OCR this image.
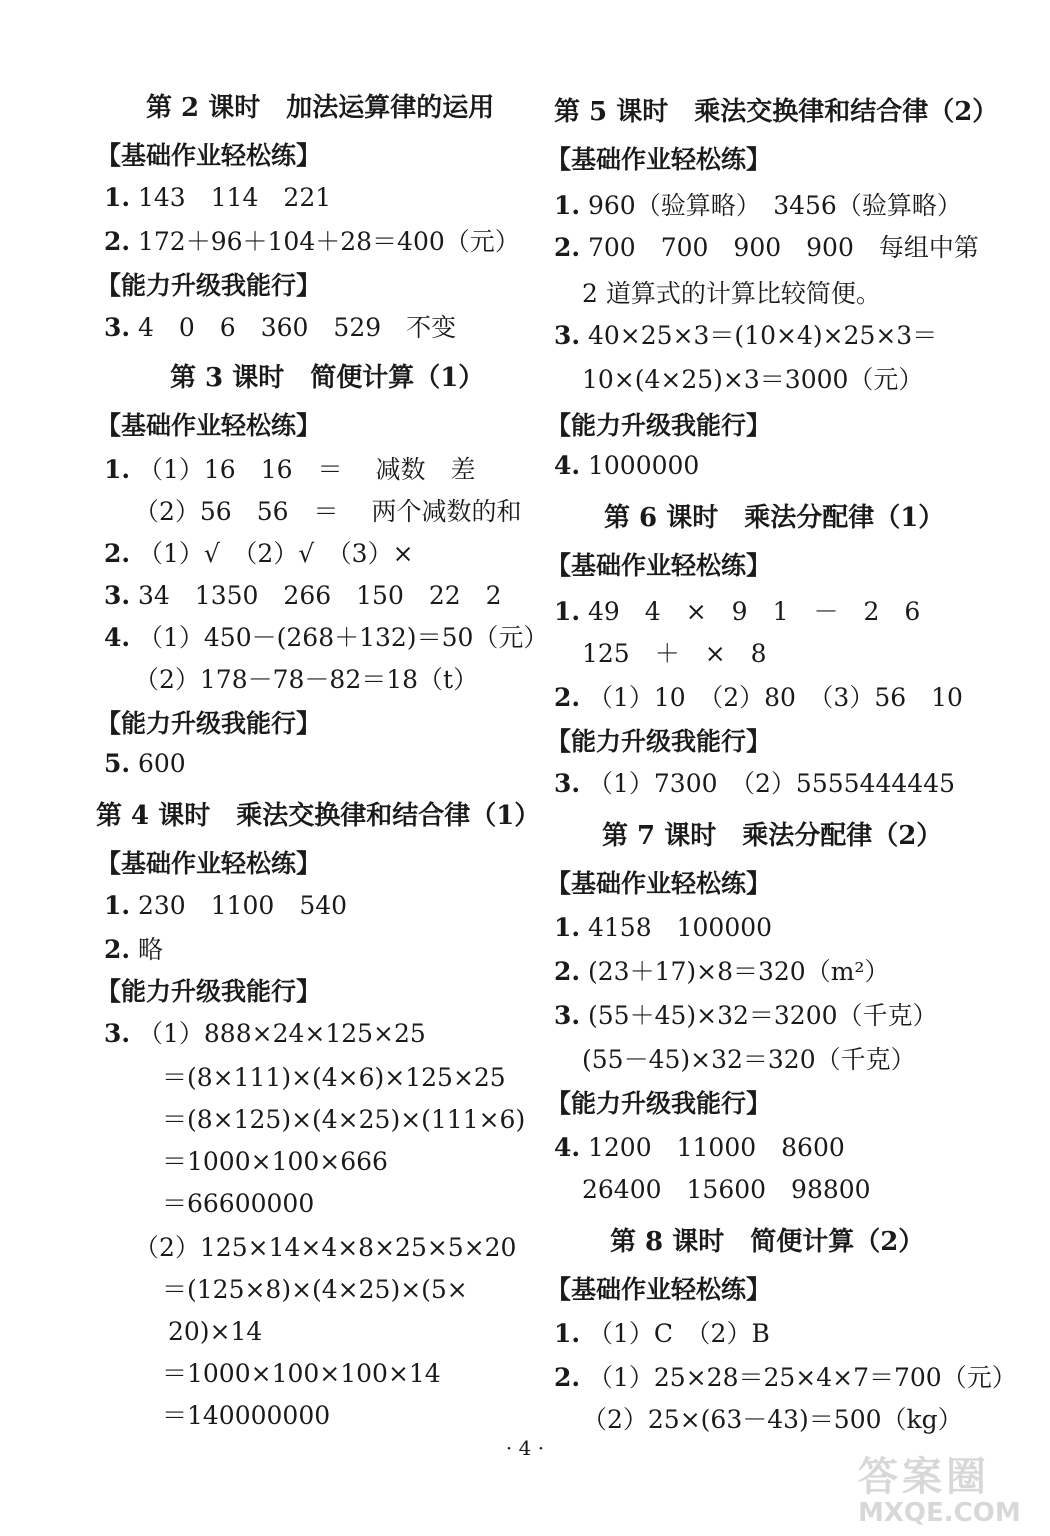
第 2 课时　加法运算律的运用
【基础作业轻松练】
1. 143　114　221
2. 172＋96＋104＋28＝400（元）
【能力升级我能行】
3. 4　0　6　360　529　不变
第 3 课时　简便计算（1）
【基础作业轻松练】
1. （1）16　16　＝　 减数　差
（2）56　56　＝　 两个减数的和
2. （1）√　（2）√　（3）×
3. 34　1350　266　150　22　2
4. （1）450－(268＋132)＝50（元）
（2）178－78－82＝18（t）
【能力升级我能行】
5. 600
第 4 课时　乘法交换律和结合律（1）
【基础作业轻松练】
1. 230　1100　540
2. 略
【能力升级我能行】
3. （1）888×24×125×25
＝(8×111)×(4×6)×125×25
＝(8×125)×(4×25)×(111×6)
＝1000×100×666
＝66600000
（2）125×14×4×8×25×5×20
＝(125×8)×(4×25)×(5×
20)×14
＝1000×100×100×14
＝140000000
第 5 课时　乘法交换律和结合律（2）
【基础作业轻松练】
1. 960（验算略）　3456（验算略）
2. 700　700　900　900　每组中第
2 道算式的计算比较简便。
3. 40×25×3＝(10×4)×25×3＝
10×(4×25)×3＝3000（元）
【能力升级我能行】
4. 1000000
第 6 课时　乘法分配律（1）
【基础作业轻松练】
1. 49　4　×　9　1　－　2　6
125　＋　×　8
2. （1）10　（2）80　（3）56　10
【能力升级我能行】
3. （1）7300　（2）5555444445
第 7 课时　乘法分配律（2）
【基础作业轻松练】
1. 4158　100000
2. (23＋17)×8＝320（m²）
3. (55＋45)×32＝3200（千克）
(55－45)×32＝320（千克）
【能力升级我能行】
4. 1200　11000　8600
26400　15600　98800
第 8 课时　简便计算（2）
【基础作业轻松练】
1. （1）C　（2）B
2. （1）25×28＝25×4×7＝700（元）
（2）25×(63－43)＝500（kg）
· 4 ·
答案圈
MXQE.COM
